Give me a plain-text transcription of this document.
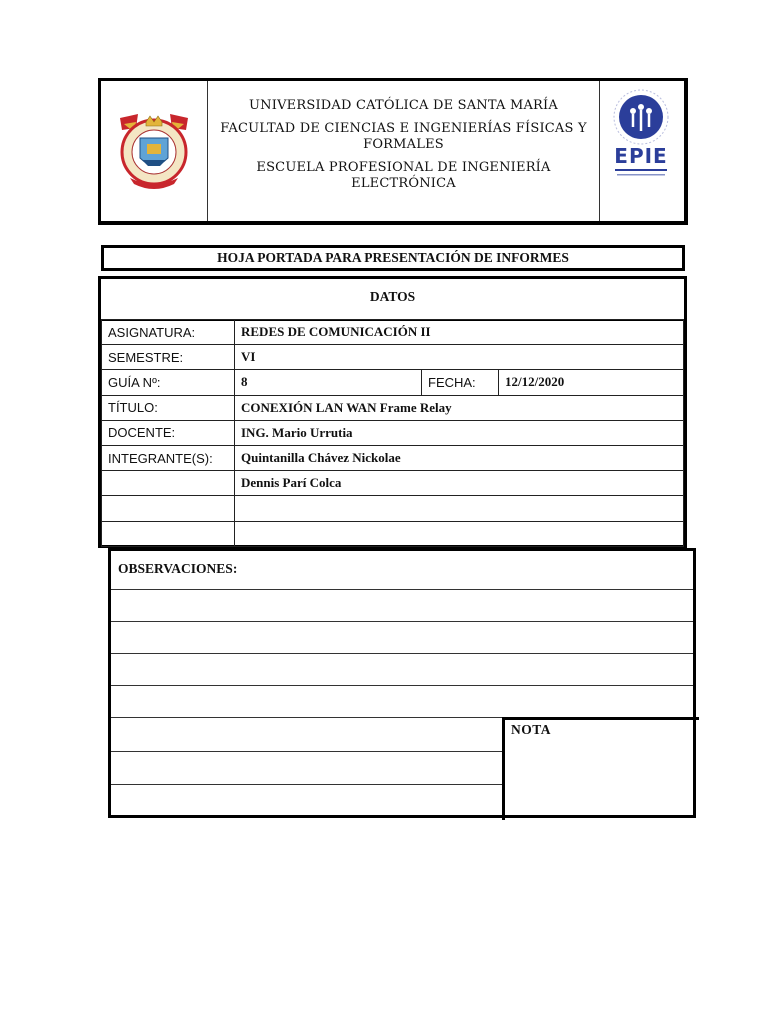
UNIVERSIDAD CATÓLICA DE SANTA MARÍA
FACULTAD DE CIENCIAS E INGENIERÍAS FÍSICAS Y FORMALES
ESCUELA PROFESIONAL DE INGENIERÍA ELECTRÓNICA
EPIE
HOJA PORTADA PARA PRESENTACIÓN DE INFORMES
DATOS
ASIGNATURA:	REDES DE COMUNICACIÓN II		
SEMESTRE:	VI		
GUÍA Nº:	8	FECHA:	12/12/2020
TÍTULO:	CONEXIÓN LAN WAN Frame Relay		
DOCENTE:	ING. Mario Urrutia		
INTEGRANTE(S):	Quintanilla Chávez Nickolae		
	Dennis Parí Colca		

OBSERVACIONES:
NOTA
